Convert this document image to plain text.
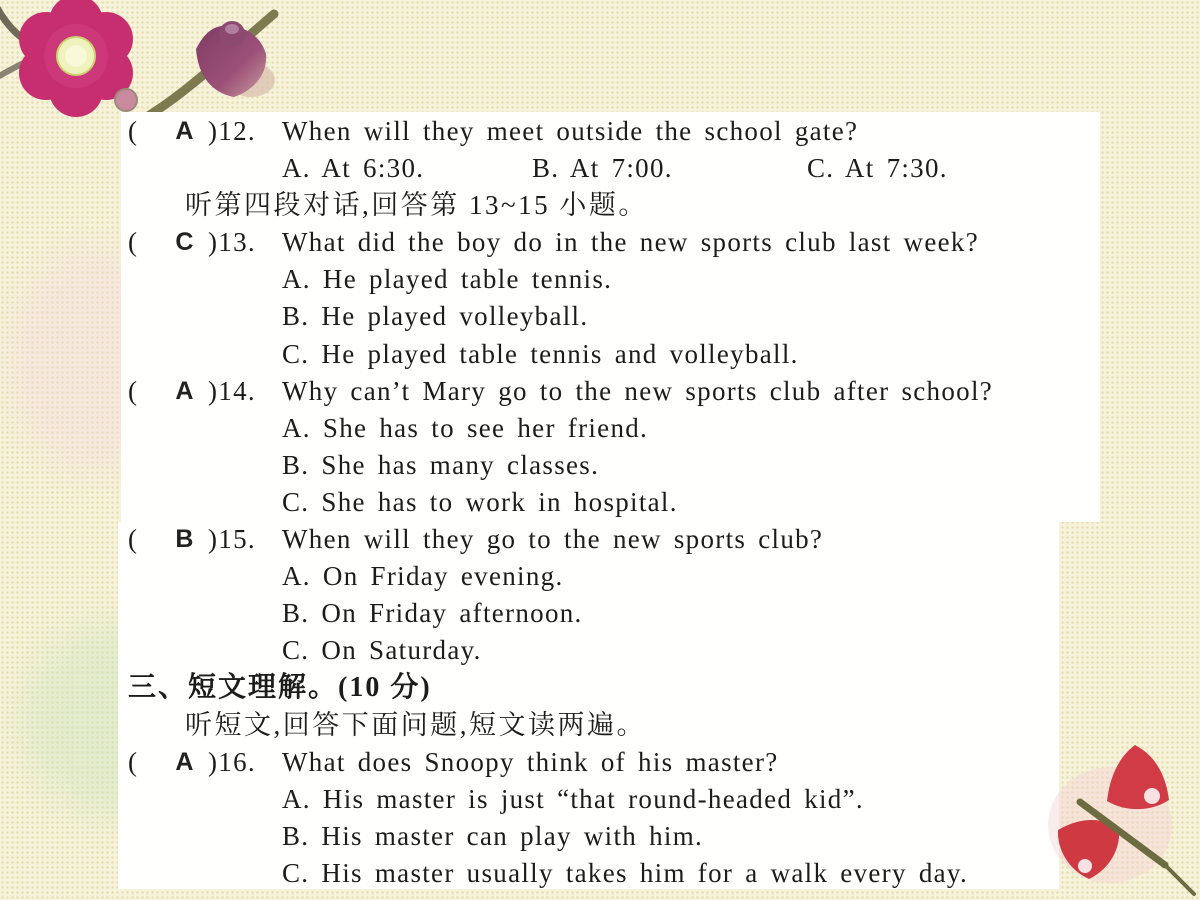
(	A ) 12. When will they meet outside the school gate?
A. At 6:30.	B. At 7:00.	C. At 7:30.
听第四段对话,回答第 13~15 小题。
(	C ) 13. What did the boy do in the new sports club last week?
A. He played table tennis.
B. He played volleyball.
C. He played table tennis and volleyball.
(	A ) 14. Why can’t Mary go to the new sports club after school?
A. She has to see her friend.
B. She has many classes.
C. She has to work in hospital.
(	B ) 15. When will they go to the new sports club?
A. On Friday evening.
B. On Friday afternoon.
C. On Saturday.
三、短文理解。(10 分)
听短文,回答下面问题,短文读两遍。
(	A ) 16. What does Snoopy think of his master?
A. His master is just “that round-headed kid”.
B. His master can play with him.
C. His master usually takes him for a walk every day.
